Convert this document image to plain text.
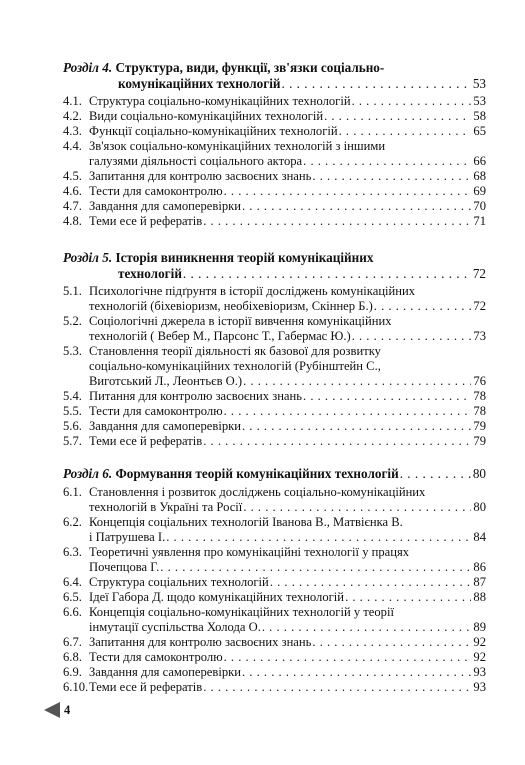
Розділ 4.
Структура, види, функції, зв'язки соціально-
комунікаційних технологій . . .	53
4.1. Структура соціально-комунікаційних технологій . . .	53
4.2. Види соціально-комунікаційних технологій . . .	58
4.3. Функції соціально-комунікаційних технологій . . .	65
4.4. Зв'язок соціально-комунікаційних технологій з іншими
галузями діяльності соціального актора . . .	66
4.5. Запитання для контролю засвоєних знань . . .	68
4.6. Тести для самоконтролю . . .	69
4.7. Завдання для самоперевірки . . .	70
4.8. Теми есе й рефератів . . .	71
Розділ 5.
Історія виникнення теорій комунікаційних
технологій . . .	72
5.1. Психологічне підґрунтя в історії досліджень комунікаційних
технологій (біхевіоризм, необіхевіоризм, Скіннер Б.) . . .	72
5.2. Соціологічні джерела в історії вивчення комунікаційних
технологій ( Вебер М., Парсонс Т., Габермас Ю.) . . .	73
5.3. Становлення теорії діяльності як базової для розвитку
соціально-комунікаційних технологій (Рубінштейн С.,
Виготський Л., Леонтьєв О.) . . .	76
5.4. Питання для контролю засвоєних знань . . .	78
5.5. Тести для самоконтролю . . .	78
5.6. Завдання для самоперевірки . . .	79
5.7. Теми есе й рефератів . . .	79
Розділ 6.
Формування теорій комунікаційних технологій . . .	80
6.1. Становлення і розвиток досліджень соціально-комунікаційних
технологій в Україні та Росії . . .	80
6.2. Концепція соціальних технологій Іванова В., Матвієнка В.
і Патрушева І. . . .	84
6.3. Теоретичні уявлення про комунікаційні технології у працях
Почепцова Г. . . .	86
6.4. Структура соціальних технологій . . .	87
6.5. Ідеї Габора Д. щодо комунікаційних технологій . . .	88
6.6. Концепція соціально-комунікаційних технологій у теорії
інмутації суспільства Холода О. . . .	89
6.7. Запитання для контролю засвоєних знань . . .	92
6.8. Тести для самоконтролю . . .	92
6.9. Завдання для самоперевірки . . .	93
6.10. Теми есе й рефератів . . .	93
4
